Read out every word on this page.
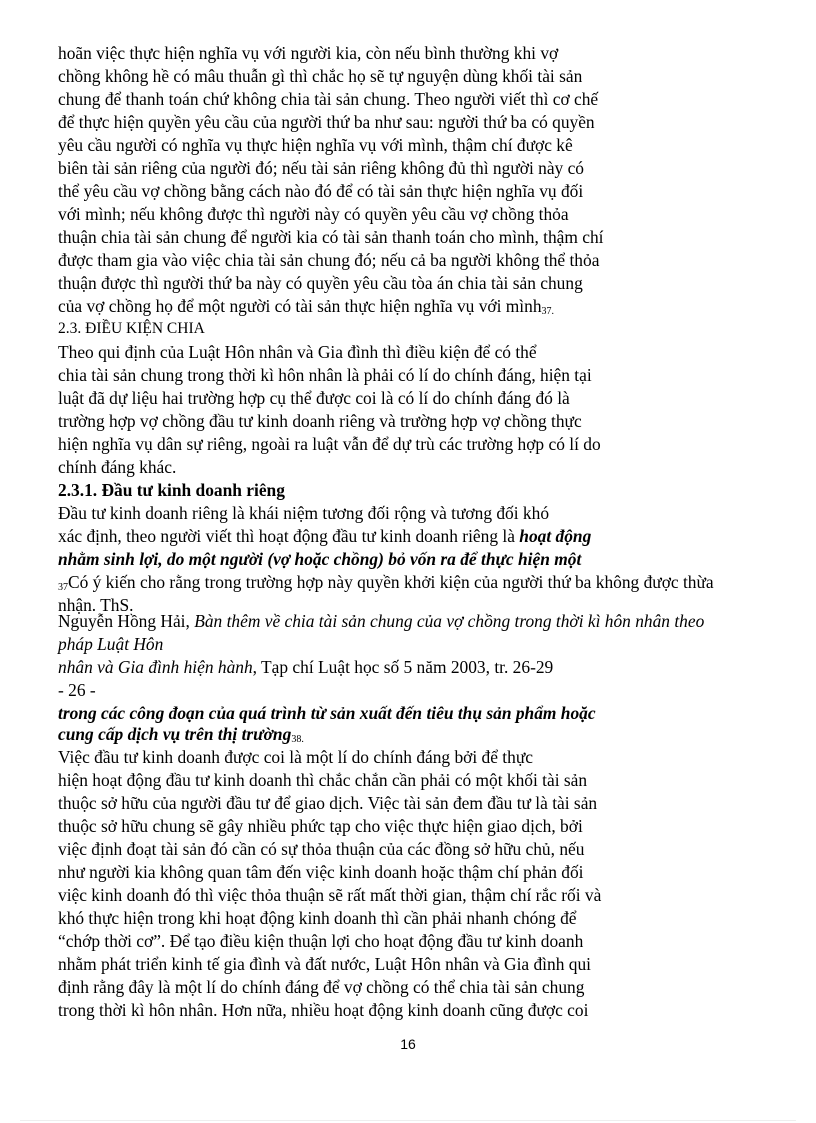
hoãn việc thực hiện nghĩa vụ với người kia, còn nếu bình thường khi vợ
chồng không hề có mâu thuẫn gì thì chắc họ sẽ tự nguyện dùng khối tài sản
chung để thanh toán chứ không chia tài sản chung. Theo người viết thì cơ chế
để thực hiện quyền yêu cầu của người thứ ba như sau: người thứ ba có quyền
yêu cầu người có nghĩa vụ thực hiện nghĩa vụ với mình, thậm chí được kê
biên tài sản riêng của người đó; nếu tài sản riêng không đủ thì người này có
thể yêu cầu vợ chồng bằng cách nào đó để có tài sản thực hiện nghĩa vụ đối
với mình; nếu không được thì người này có quyền yêu cầu vợ chồng thỏa
thuận chia tài sản chung để người kia có tài sản thanh toán cho mình, thậm chí
được tham gia vào việc chia tài sản chung đó; nếu cả ba người không thể thỏa
thuận được thì người thứ ba này có quyền yêu cầu tòa án chia tài sản chung
của vợ chồng họ để một người có tài sản thực hiện nghĩa vụ với mình$_{37.}$
2.3. ĐIỀU KIỆN CHIA
Theo qui định của Luật Hôn nhân và Gia đình thì điều kiện để có thể
chia tài sản chung trong thời kì hôn nhân là phải có lí do chính đáng, hiện tại
luật đã dự liệu hai trường hợp cụ thể được coi là có lí do chính đáng đó là
trường hợp vợ chồng đầu tư kinh doanh riêng và trường hợp vợ chồng thực
hiện nghĩa vụ dân sự riêng, ngoài ra luật vẫn để dự trù các trường hợp có lí do
chính đáng khác.
2.3.1. Đầu tư kinh doanh riêng
Đầu tư kinh doanh riêng là khái niệm tương đối rộng và tương đối khó
xác định, theo người viết thì hoạt động đầu tư kinh doanh riêng là hoạt động
nhằm sinh lợi, do một người (vợ hoặc chồng) bỏ vốn ra để thực hiện một
$_{37}$Có ý kiến cho rằng trong trường hợp này quyền khởi kiện của người thứ ba không được thừa
nhận. ThS.
Nguyễn Hồng Hải, Bàn thêm về chia tài sản chung của vợ chồng trong thời kì hôn nhân theo
pháp Luật Hôn
nhân và Gia đình hiện hành, Tạp chí Luật học số 5 năm 2003, tr. 26-29
- 26 -
trong các công đoạn của quá trình từ sản xuất đến tiêu thụ sản phẩm hoặc
cung cấp dịch vụ trên thị trường$_{38.}$
Việc đầu tư kinh doanh được coi là một lí do chính đáng bởi để thực
hiện hoạt động đầu tư kinh doanh thì chắc chắn cần phải có một khối tài sản
thuộc sở hữu của người đầu tư để giao dịch. Việc tài sản đem đầu tư là tài sản
thuộc sở hữu chung sẽ gây nhiều phức tạp cho việc thực hiện giao dịch, bởi
việc định đoạt tài sản đó cần có sự thỏa thuận của các đồng sở hữu chủ, nếu
như người kia không quan tâm đến việc kinh doanh hoặc thậm chí phản đối
việc kinh doanh đó thì việc thỏa thuận sẽ rất mất thời gian, thậm chí rắc rối và
khó thực hiện trong khi hoạt động kinh doanh thì cần phải nhanh chóng để
“chớp thời cơ”. Để tạo điều kiện thuận lợi cho hoạt động đầu tư kinh doanh
nhằm phát triển kinh tế gia đình và đất nước, Luật Hôn nhân và Gia đình qui
định rằng đây là một lí do chính đáng để vợ chồng có thể chia tài sản chung
trong thời kì hôn nhân. Hơn nữa, nhiều hoạt động kinh doanh cũng được coi
16
